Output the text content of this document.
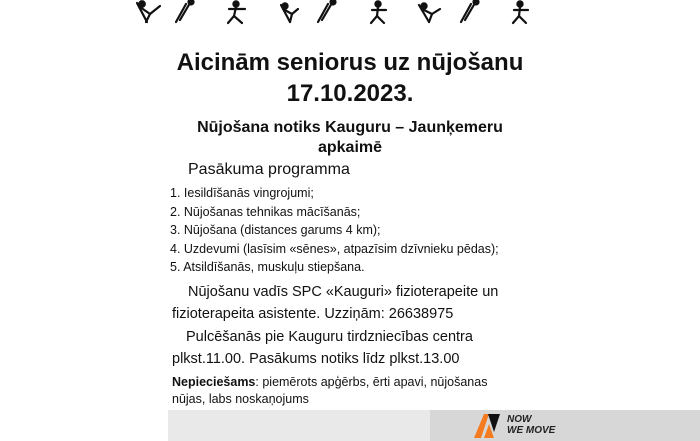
Aicinām seniorus uz nūjošanu
17.10.2023.
Nūjošana notiks Kauguru – Jaunķemeru
apkaimē
Pasākuma programma
1. Iesildīšanās vingrojumi;
2. Nūjošanas tehnikas mācīšanās;
3. Nūjošana (distances garums 4 km);
4. Uzdevumi (lasīsim «sēnes», atpazīsim dzīvnieku pēdas);
5. Atsildīšanās, muskuļu stiepšana.
Nūjošanu vadīs SPC «Kauguri» fizioterapeite un
fizioterapeita asistente. Uzziņām: 26638975
Pulcēšanās pie Kauguru tirdzniecības centra
plkst.11.00. Pasākums notiks līdz plkst.13.00
Nepieciešams: piemērots apģērbs, ērti apavi, nūjošanas
nūjas, labs noskaņojums
NOW
WE MOVE
